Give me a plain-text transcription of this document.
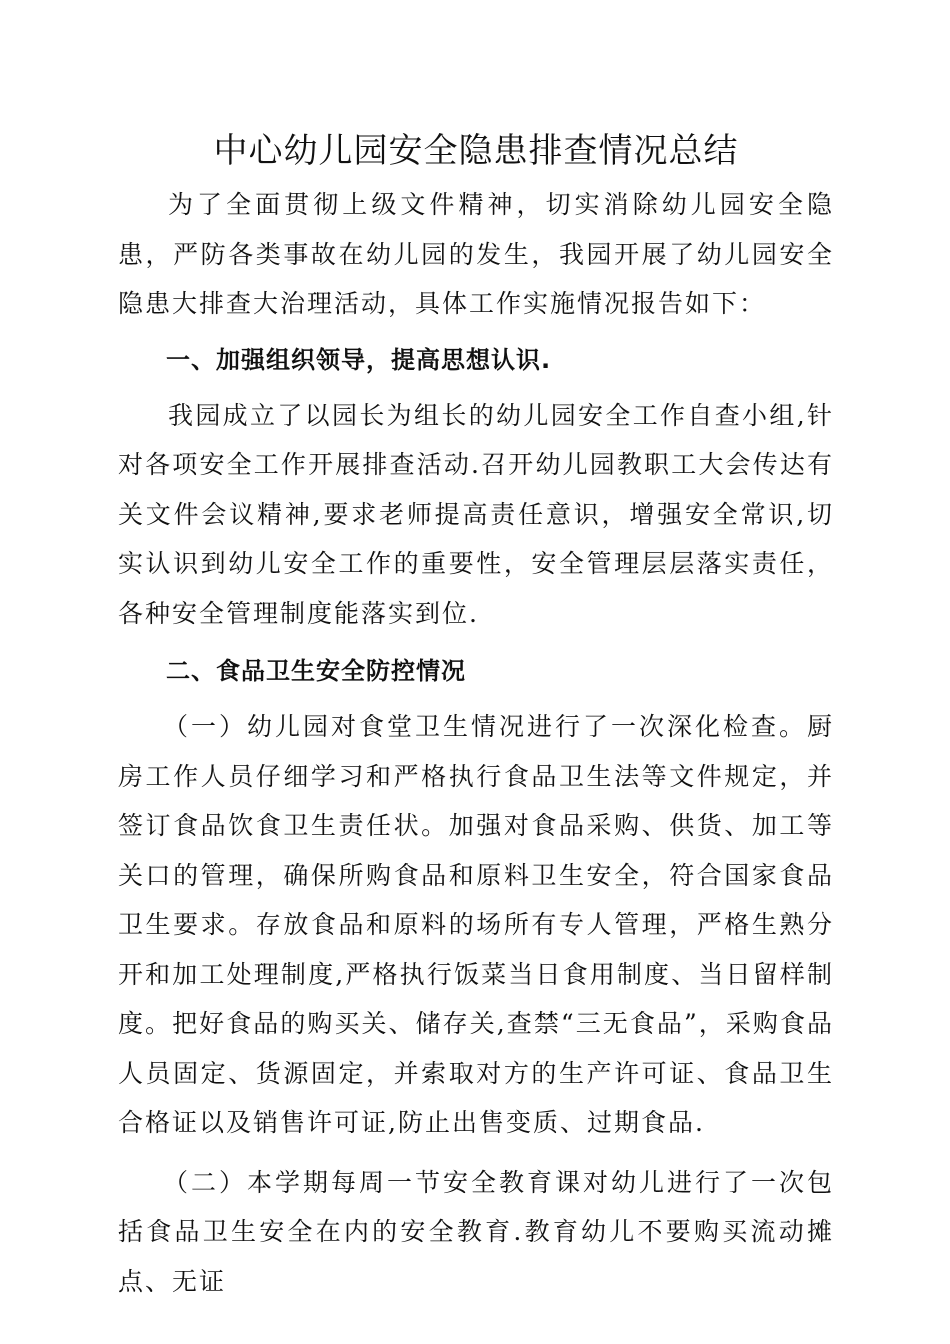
中心幼儿园安全隐患排查情况总结

为了全面贯彻上级文件精神，切实消除幼儿园安全隐患，严防各类事故在幼儿园的发生，我园开展了幼儿园安全隐患大排查大治理活动，具体工作实施情况报告如下：

一、加强组织领导，提高思想认识.

我园成立了以园长为组长的幼儿园安全工作自查小组,针对各项安全工作开展排查活动.召开幼儿园教职工大会传达有关文件会议精神,要求老师提高责任意识，增强安全常识,切实认识到幼儿安全工作的重要性，安全管理层层落实责任，各种安全管理制度能落实到位.

二、食品卫生安全防控情况

（一）幼儿园对食堂卫生情况进行了一次深化检查。厨房工作人员仔细学习和严格执行食品卫生法等文件规定，并签订食品饮食卫生责任状。加强对食品采购、供货、加工等关口的管理，确保所购食品和原料卫生安全，符合国家食品卫生要求。存放食品和原料的场所有专人管理，严格生熟分开和加工处理制度,严格执行饭菜当日食用制度、当日留样制度。把好食品的购买关、储存关,查禁“三无食品”，采购食品人员固定、货源固定，并索取对方的生产许可证、食品卫生合格证以及销售许可证,防止出售变质、过期食品.

（二）本学期每周一节安全教育课对幼儿进行了一次包括食品卫生安全在内的安全教育.教育幼儿不要购买流动摊点、无证
